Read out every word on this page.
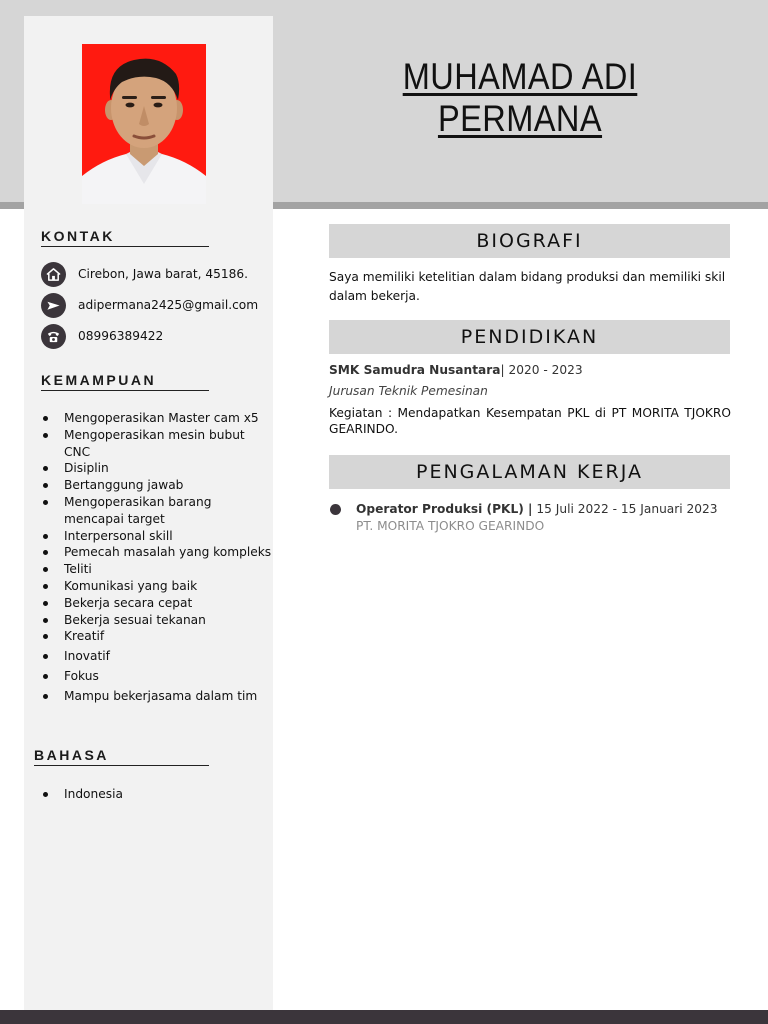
MUHAMAD ADI PERMANA
KONTAK
Cirebon, Jawa barat, 45186.
adipermana2425@gmail.com
08996389422
KEMAMPUAN
Mengoperasikan Master cam x5
Mengoperasikan mesin bubut CNC
Disiplin
Bertanggung jawab
Mengoperasikan barang mencapai target
Interpersonal skill
Pemecah masalah yang kompleks
Teliti
Komunikasi yang baik
Bekerja secara cepat
Bekerja sesuai tekanan
Kreatif
Inovatif
Fokus
Mampu bekerjasama dalam tim
BAHASA
Indonesia
BIOGRAFI
Saya memiliki ketelitian dalam bidang produksi dan memiliki skil dalam bekerja.
PENDIDIKAN
SMK Samudra Nusantara| 2020 - 2023
Jurusan Teknik Pemesinan
Kegiatan : Mendapatkan Kesempatan PKL di PT MORITA TJOKRO GEARINDO.
PENGALAMAN KERJA
Operator Produksi (PKL) | 15 Juli 2022 - 15 Januari 2023
PT. MORITA TJOKRO GEARINDO
